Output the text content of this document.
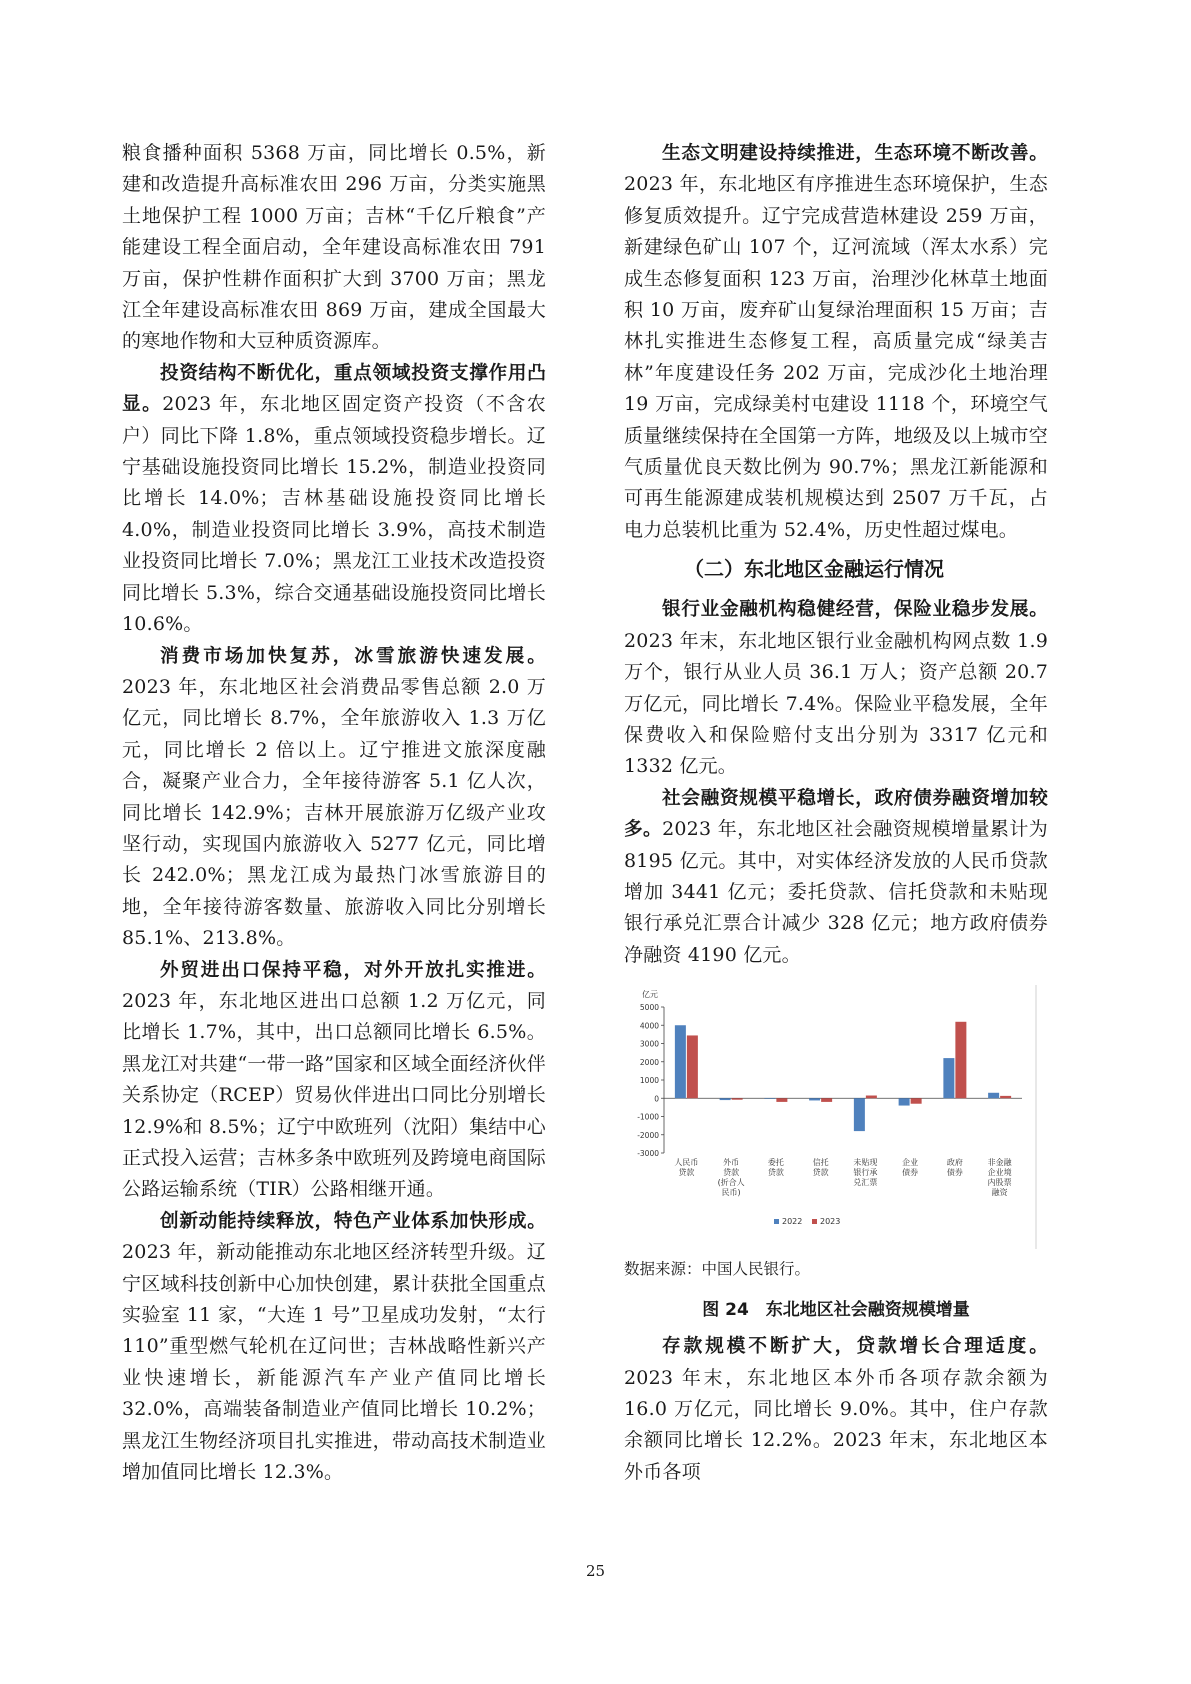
粮食播种面积 5368 万亩，同比增长 0.5%，新建和改造提升高标准农田 296 万亩，分类实施黑土地保护工程 1000 万亩；吉林“千亿斤粮食”产能建设工程全面启动，全年建设高标准农田 791 万亩，保护性耕作面积扩大到 3700 万亩；黑龙江全年建设高标准农田 869 万亩，建成全国最大的寒地作物和大豆种质资源库。

投资结构不断优化，重点领域投资支撑作用凸显。2023 年，东北地区固定资产投资（不含农户）同比下降 1.8%，重点领域投资稳步增长。辽宁基础设施投资同比增长 15.2%，制造业投资同比增长 14.0%；吉林基础设施投资同比增长 4.0%，制造业投资同比增长 3.9%，高技术制造业投资同比增长 7.0%；黑龙江工业技术改造投资同比增长 5.3%，综合交通基础设施投资同比增长 10.6%。

消费市场加快复苏，冰雪旅游快速发展。2023 年，东北地区社会消费品零售总额 2.0 万亿元，同比增长 8.7%，全年旅游收入 1.3 万亿元，同比增长 2 倍以上。辽宁推进文旅深度融合，凝聚产业合力，全年接待游客 5.1 亿人次，同比增长 142.9%；吉林开展旅游万亿级产业攻坚行动，实现国内旅游收入 5277 亿元，同比增长 242.0%；黑龙江成为最热门冰雪旅游目的地，全年接待游客数量、旅游收入同比分别增长 85.1%、213.8%。

外贸进出口保持平稳，对外开放扎实推进。2023 年，东北地区进出口总额 1.2 万亿元，同比增长 1.7%，其中，出口总额同比增长 6.5%。黑龙江对共建“一带一路”国家和区域全面经济伙伴关系协定（RCEP）贸易伙伴进出口同比分别增长 12.9%和 8.5%；辽宁中欧班列（沈阳）集结中心正式投入运营；吉林多条中欧班列及跨境电商国际公路运输系统（TIR）公路相继开通。

创新动能持续释放，特色产业体系加快形成。2023 年，新动能推动东北地区经济转型升级。辽宁区域科技创新中心加快创建，累计获批全国重点实验室 11 家，“大连 1 号”卫星成功发射，“太行 110”重型燃气轮机在辽问世；吉林战略性新兴产业快速增长，新能源汽车产业产值同比增长 32.0%，高端装备制造业产值同比增长 10.2%；黑龙江生物经济项目扎实推进，带动高技术制造业增加值同比增长 12.3%。

生态文明建设持续推进，生态环境不断改善。2023 年，东北地区有序推进生态环境保护，生态修复质效提升。辽宁完成营造林建设 259 万亩，新建绿色矿山 107 个，辽河流域（浑太水系）完成生态修复面积 123 万亩，治理沙化林草土地面积 10 万亩，废弃矿山复绿治理面积 15 万亩；吉林扎实推进生态修复工程，高质量完成“绿美吉林”年度建设任务 202 万亩，完成沙化土地治理 19 万亩，完成绿美村屯建设 1118 个，环境空气质量继续保持在全国第一方阵，地级及以上城市空气质量优良天数比例为 90.7%；黑龙江新能源和可再生能源建成装机规模达到 2507 万千瓦，占电力总装机比重为 52.4%，历史性超过煤电。

（二）东北地区金融运行情况

银行业金融机构稳健经营，保险业稳步发展。2023 年末，东北地区银行业金融机构网点数 1.9 万个，银行从业人员 36.1 万人；资产总额 20.7 万亿元，同比增长 7.4%。保险业平稳发展，全年保费收入和保险赔付支出分别为 3317 亿元和 1332 亿元。

社会融资规模平稳增长，政府债券融资增加较多。2023 年，东北地区社会融资规模增量累计为 8195 亿元。其中，对实体经济发放的人民币贷款增加 3441 亿元；委托贷款、信托贷款和未贴现银行承兑汇票合计减少 328 亿元；地方政府债券净融资 4190 亿元。

亿元
5000
4000
3000
2000
1000
0
-1000
-2000
-3000
人民币
贷款
外币
贷款
(折合人
民币)
委托
贷款
信托
贷款
未贴现
银行承
兑汇票
企业
债券
政府
债券
非金融
企业境
内股票
融资
2022 2023

数据来源：中国人民银行。

图 24　东北地区社会融资规模增量

存款规模不断扩大，贷款增长合理适度。2023 年末，东北地区本外币各项存款余额为 16.0 万亿元，同比增长 9.0%。其中，住户存款余额同比增长 12.2%。2023 年末，东北地区本外币各项

25
